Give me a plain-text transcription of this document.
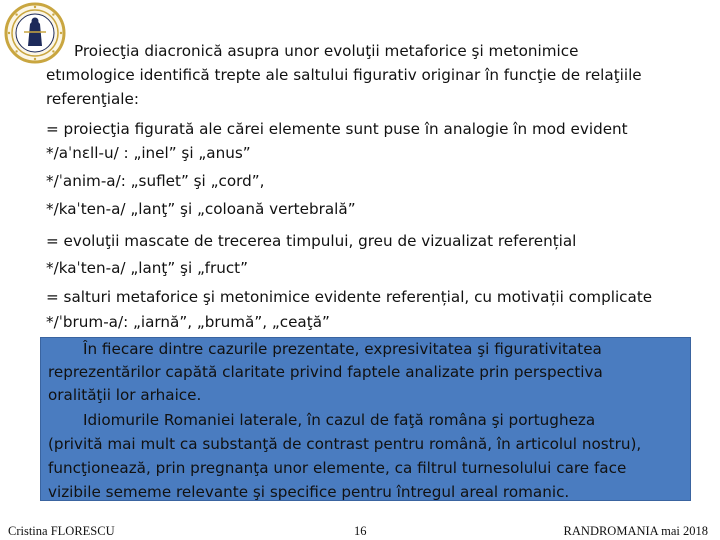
Proiecţia diacronică asupra unor evoluţii metaforice şi metonimice
etımologice identifică trepte ale saltului figurativ originar în funcţie de relaţiile
referenţiale:
= proiecţia figurată ale cărei elemente sunt puse în analogie în mod evident
*/aˈnεll‑u/ : „inel” şi „anus”
*/ˈanim‑a/: „suflet” şi „cord”,
*/kaˈten‑a/ „lanţ” şi „coloană vertebrală”
= evoluţii mascate de trecerea timpului, greu de vizualizat referențial
*/kaˈten‑a/ „lanţ” şi „fruct”
= salturi metaforice şi metonimice evidente referențial, cu motivații complicate
*/ˈbrum‑a/: „iarnă”, „brumă”, „ceaţă”
În fiecare dintre cazurile prezentate, expresivitatea şi figurativitatea
reprezentărilor capătă claritate privind faptele analizate prin perspectiva
oralităţii lor arhaice.
Idiomurile Romaniei laterale, în cazul de faţă româna şi portugheza
(privită mai mult ca substanţă de contrast pentru română, în articolul nostru),
funcţionează, prin pregnanţa unor elemente, ca filtrul turnesolului care face
vizibile sememe relevante şi specifice pentru întregul areal romanic.
Cristina FLORESCU	16	RANDROMANIA mai 2018
